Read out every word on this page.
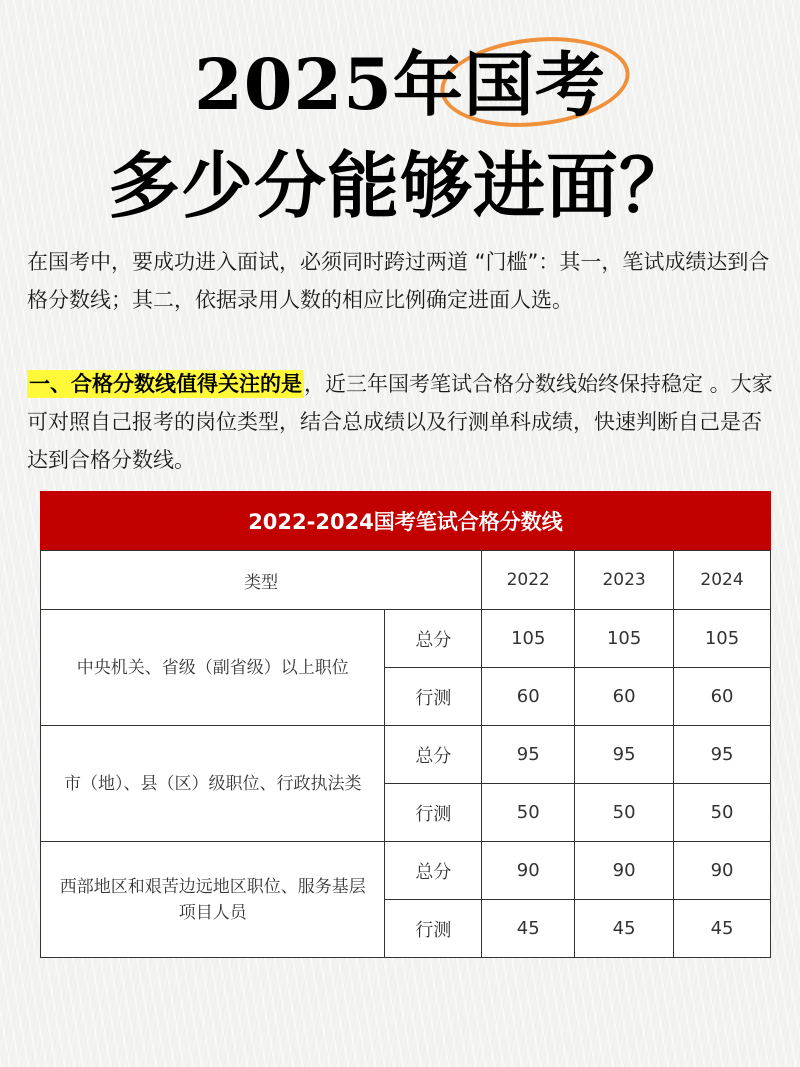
2025年国考
多少分能够进面？
在国考中，要成功进入面试，必须同时跨过两道 “门槛”：其一，笔试成绩达到合格分数线；其二，依据录用人数的相应比例确定进面人选。
一、合格分数线值得关注的是，近三年国考笔试合格分数线始终保持稳定 。大家可对照自己报考的岗位类型，结合总成绩以及行测单科成绩，快速判断自己是否达到合格分数线。
2022-2024国考笔试合格分数线				
类型		2022	2023	2024
中央机关、省级（副省级）以上职位	总分	105	105	105
	行测	60	60	60
市（地）、县（区）级职位、行政执法类	总分	95	95	95
	行测	50	50	50
西部地区和艰苦边远地区职位、服务基层项目人员	总分	90	90	90
	行测	45	45	45
